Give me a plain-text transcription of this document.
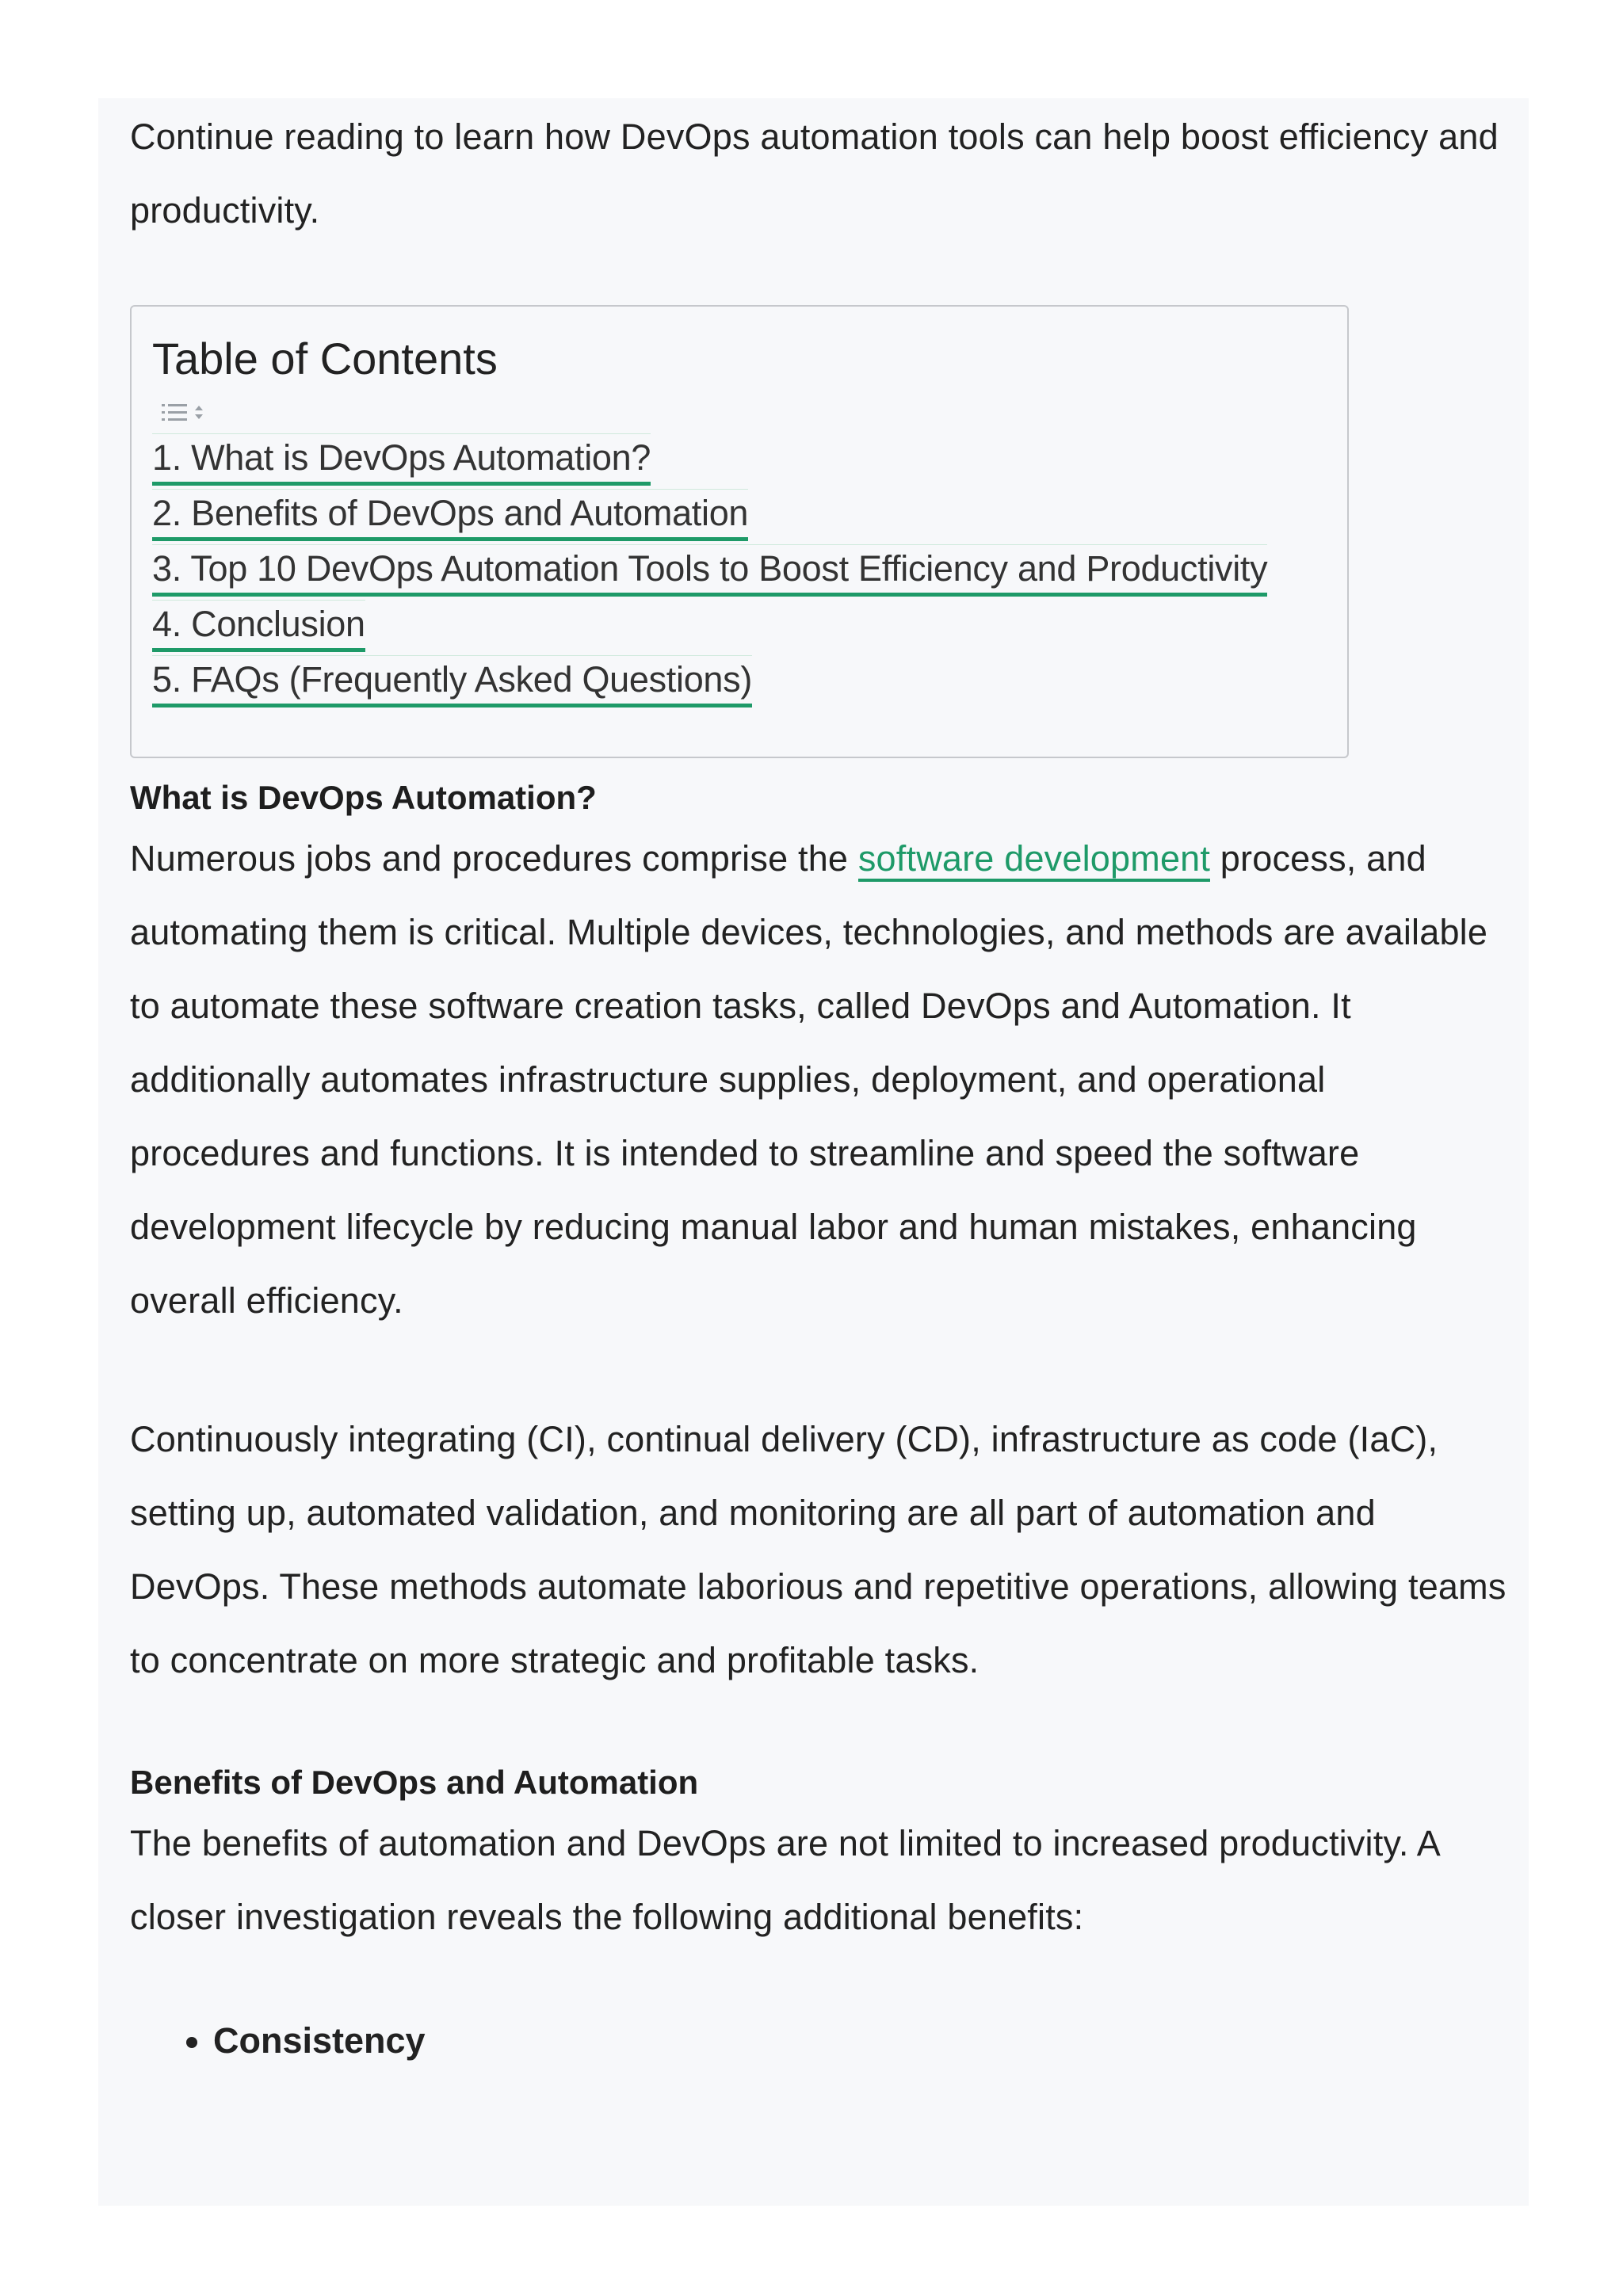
Continue reading to learn how DevOps automation tools can help boost efficiency and productivity.

Table of Contents
1. What is DevOps Automation?
2. Benefits of DevOps and Automation
3. Top 10 DevOps Automation Tools to Boost Efficiency and Productivity
4. Conclusion
5. FAQs (Frequently Asked Questions)
What is DevOps Automation?

Numerous jobs and procedures comprise the software development process, and automating them is critical. Multiple devices, technologies, and methods are available to automate these software creation tasks, called DevOps and Automation. It additionally automates infrastructure supplies, deployment, and operational procedures and functions. It is intended to streamline and speed the software development lifecycle by reducing manual labor and human mistakes, enhancing overall efficiency.

Continuously integrating (CI), continual delivery (CD), infrastructure as code (IaC), setting up, automated validation, and monitoring are all part of automation and DevOps. These methods automate laborious and repetitive operations, allowing teams to concentrate on more strategic and profitable tasks.

Benefits of DevOps and Automation

The benefits of automation and DevOps are not limited to increased productivity. A closer investigation reveals the following additional benefits:

• Consistency
